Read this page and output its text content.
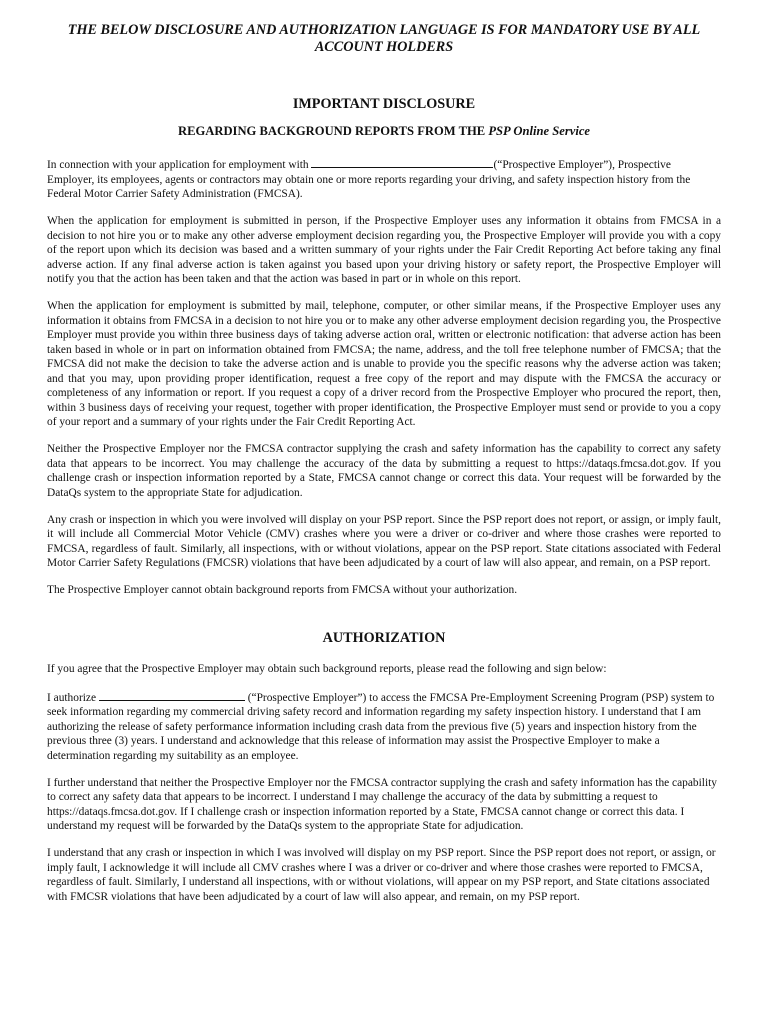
THE BELOW DISCLOSURE AND AUTHORIZATION LANGUAGE IS FOR MANDATORY USE BY ALL ACCOUNT HOLDERS
IMPORTANT DISCLOSURE
REGARDING BACKGROUND REPORTS FROM THE PSP Online Service

In connection with your application for employment with	(“Prospective Employer”), Prospective Employer, its employees, agents or contractors may obtain one or more reports regarding your driving, and safety inspection history from the Federal Motor Carrier Safety Administration (FMCSA).

When the application for employment is submitted in person, if the Prospective Employer uses any information it obtains from FMCSA in a decision to not hire you or to make any other adverse employment decision regarding you, the Prospective Employer will provide you with a copy of the report upon which its decision was based and a written summary of your rights under the Fair Credit Reporting Act before taking any final adverse action. If any final adverse action is taken against you based upon your driving history or safety report, the Prospective Employer will notify you that the action has been taken and that the action was based in part or in whole on this report.

When the application for employment is submitted by mail, telephone, computer, or other similar means, if the Prospective Employer uses any information it obtains from FMCSA in a decision to not hire you or to make any other adverse employment decision regarding you, the Prospective Employer must provide you within three business days of taking adverse action oral, written or electronic notification: that adverse action has been taken based in whole or in part on information obtained from FMCSA; the name, address, and the toll free telephone number of FMCSA; that the FMCSA did not make the decision to take the adverse action and is unable to provide you the specific reasons why the adverse action was taken; and that you may, upon providing proper identification, request a free copy of the report and may dispute with the FMCSA the accuracy or completeness of any information or report. If you request a copy of a driver record from the Prospective Employer who procured the report, then, within 3 business days of receiving your request, together with proper identification, the Prospective Employer must send or provide to you a copy of your report and a summary of your rights under the Fair Credit Reporting Act.

Neither the Prospective Employer nor the FMCSA contractor supplying the crash and safety information has the capability to correct any safety data that appears to be incorrect. You may challenge the accuracy of the data by submitting a request to https://dataqs.fmcsa.dot.gov. If you challenge crash or inspection information reported by a State, FMCSA cannot change or correct this data. Your request will be forwarded by the DataQs system to the appropriate State for adjudication.

Any crash or inspection in which you were involved will display on your PSP report. Since the PSP report does not report, or assign, or imply fault, it will include all Commercial Motor Vehicle (CMV) crashes where you were a driver or co-driver and where those crashes were reported to FMCSA, regardless of fault. Similarly, all inspections, with or without violations, appear on the PSP report. State citations associated with Federal Motor Carrier Safety Regulations (FMCSR) violations that have been adjudicated by a court of law will also appear, and remain, on a PSP report.

The Prospective Employer cannot obtain background reports from FMCSA without your authorization.

AUTHORIZATION

If you agree that the Prospective Employer may obtain such background reports, please read the following and sign below:

I authorize	(“Prospective Employer”) to access the FMCSA Pre-Employment Screening Program (PSP) system to seek information regarding my commercial driving safety record and information regarding my safety inspection history. I understand that I am authorizing the release of safety performance information including crash data from the previous five (5) years and inspection history from the previous three (3) years. I understand and acknowledge that this release of information may assist the Prospective Employer to make a determination regarding my suitability as an employee.

I further understand that neither the Prospective Employer nor the FMCSA contractor supplying the crash and safety information has the capability to correct any safety data that appears to be incorrect. I understand I may challenge the accuracy of the data by submitting a request to https://dataqs.fmcsa.dot.gov. If I challenge crash or inspection information reported by a State, FMCSA cannot change or correct this data. I understand my request will be forwarded by the DataQs system to the appropriate State for adjudication.

I understand that any crash or inspection in which I was involved will display on my PSP report. Since the PSP report does not report, or assign, or imply fault, I acknowledge it will include all CMV crashes where I was a driver or co-driver and where those crashes were reported to FMCSA, regardless of fault. Similarly, I understand all inspections, with or without violations, will appear on my PSP report, and State citations associated with FMCSR violations that have been adjudicated by a court of law will also appear, and remain, on my PSP report.
